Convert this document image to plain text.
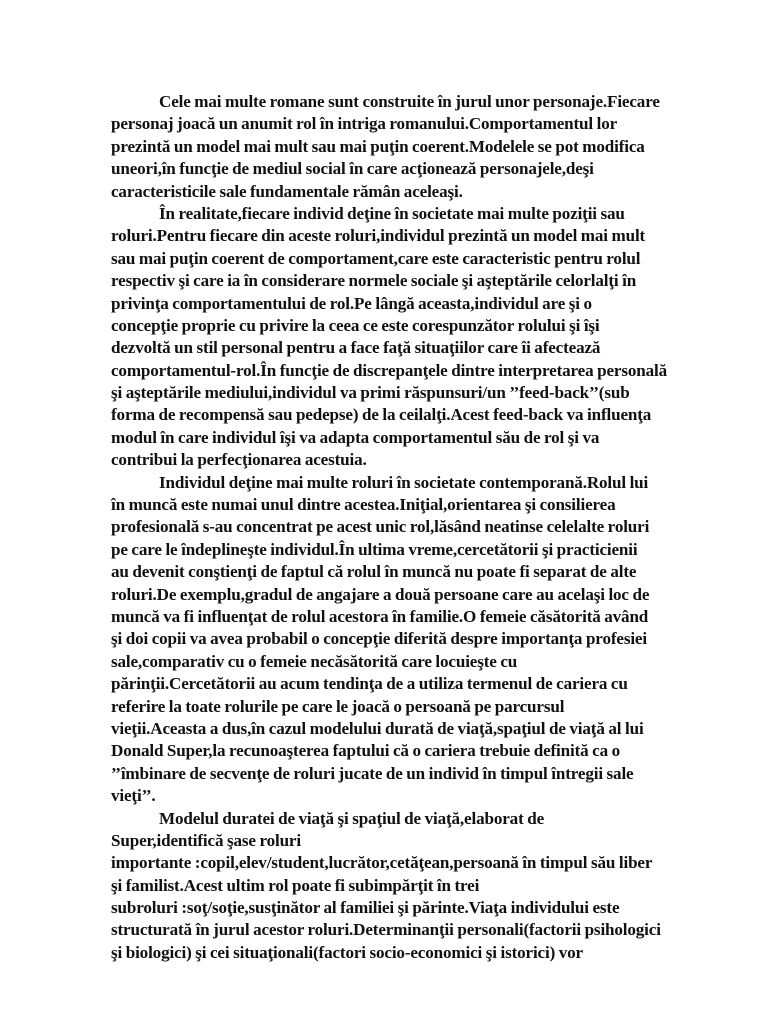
Cele mai multe romane sunt construite în jurul unor personaje.Fiecare
personaj joacă un anumit rol în intriga romanului.Comportamentul lor
prezintă un model mai mult sau mai puţin coerent.Modelele se pot modifica
uneori,în funcţie de mediul social în care acţionează personajele,deşi
caracteristicile sale fundamentale rămân aceleaşi.
În realitate,fiecare individ deţine în societate mai multe poziţii sau
roluri.Pentru fiecare din aceste roluri,individul prezintă un model mai mult
sau mai puţin coerent de comportament,care este caracteristic pentru rolul
respectiv şi care ia în considerare normele sociale şi aşteptările celorlalţi în
privinţa comportamentului de rol.Pe lângă aceasta,individul are şi o
concepţie proprie cu privire la ceea ce este corespunzător rolului şi îşi
dezvoltă un stil personal pentru a face faţă situaţiilor care îi afectează
comportamentul-rol.În funcţie de discrepanţele dintre interpretarea personală
şi aşteptările mediului,individul va primi răspunsuri/un ’’feed-back’’(sub
forma de recompensă sau pedepse) de la ceilalţi.Acest feed-back va influenţa
modul în care individul îşi va adapta comportamentul său de rol şi va
contribui la perfecţionarea acestuia.
Individul deţine mai multe roluri în societate contemporană.Rolul lui
în muncă este numai unul dintre acestea.Iniţial,orientarea şi consilierea
profesională s-au concentrat pe acest unic rol,lăsând neatinse celelalte roluri
pe care le îndeplineşte individul.În ultima vreme,cercetătorii şi practicienii
au devenit conştienţi de faptul că rolul în muncă nu poate fi separat de alte
roluri.De exemplu,gradul de angajare a două persoane care au acelaşi loc de
muncă va fi influenţat de rolul acestora în familie.O femeie căsătorită având
şi doi copii va avea probabil o concepţie diferită despre importanţa profesiei
sale,comparativ cu o femeie necăsătorită care locuieşte cu
părinţii.Cercetătorii au acum tendinţa de a utiliza termenul de cariera cu
referire la toate rolurile pe care le joacă o persoană pe parcursul
vieţii.Aceasta a dus,în cazul modelului durată de viaţă,spaţiul de viaţă al lui
Donald Super,la recunoaşterea faptului că o cariera trebuie definită ca o
’’îmbinare de secvenţe de roluri jucate de un individ în timpul întregii sale
vieţi’’.
Modelul duratei de viaţă şi spaţiul de viaţă,elaborat de
Super,identifică şase roluri
importante :copil,elev/student,lucrător,cetăţean,persoană în timpul său liber
şi familist.Acest ultim rol poate fi subimpărţit în trei
subroluri :soţ/soţie,susţinător al familiei şi părinte.Viaţa individului este
structurată în jurul acestor roluri.Determinanţii personali(factorii psihologici
şi biologici) şi cei situaţionali(factori socio-economici şi istorici) vor
